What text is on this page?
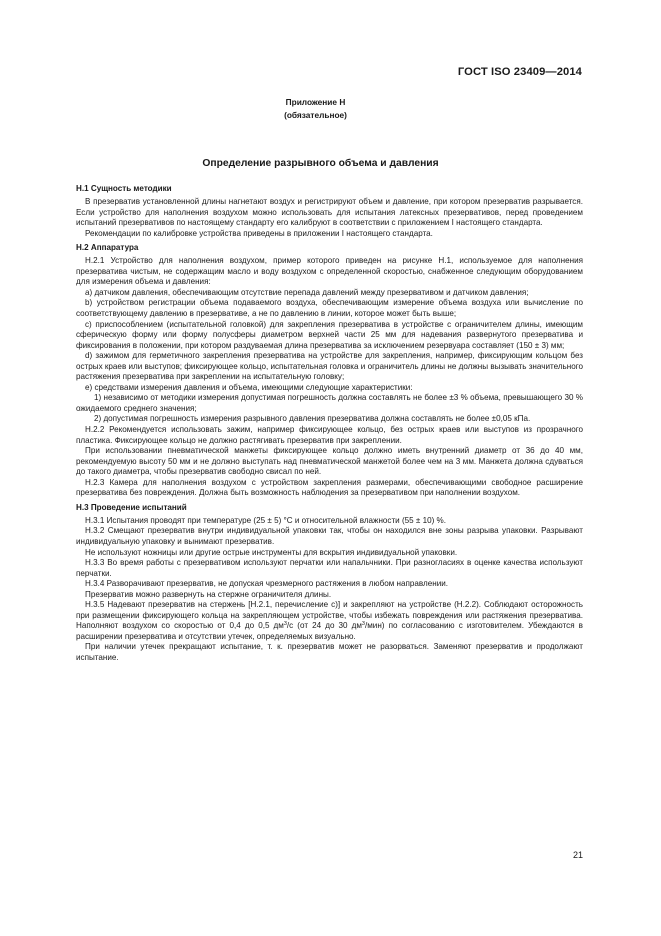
ГОСТ ISO 23409—2014
Приложение Н
(обязательное)
Определение разрывного объема и давления
Н.1 Сущность методики

В презерватив установленной длины нагнетают воздух и регистрируют объем и давление, при котором презерватив разрывается. Если устройство для наполнения воздухом можно использовать для испытания латексных презервативов, перед проведением испытаний презервативов по настоящему стандарту его калибруют в соответствии с приложением I настоящего стандарта.

Рекомендации по калибровке устройства приведены в приложении I настоящего стандарта.

Н.2 Аппаратура

Н.2.1 Устройство для наполнения воздухом, пример которого приведен на рисунке Н.1, используемое для наполнения презерватива чистым, не содержащим масло и воду воздухом с определенной скоростью, снабженное следующим оборудованием для измерения объема и давления:

а) датчиком давления, обеспечивающим отсутствие перепада давлений между презервативом и датчиком давления;

b) устройством регистрации объема подаваемого воздуха, обеспечивающим измерение объема воздуха или вычисление по соответствующему давлению в презервативе, а не по давлению в линии, которое может быть выше;

с) приспособлением (испытательной головкой) для закрепления презерватива в устройстве с ограничителем длины, имеющим сферическую форму или форму полусферы диаметром верхней части 25 мм для надевания развернутого презерватива и фиксирования в положении, при котором раздуваемая длина презерватива за исключением резервуара составляет (150 ± 3) мм;

d) зажимом для герметичного закрепления презерватива на устройстве для закрепления, например, фиксирующим кольцом без острых краев или выступов; фиксирующее кольцо, испытательная головка и ограничитель длины не должны вызывать значительного растяжения презерватива при закреплении на испытательную головку;

е) средствами измерения давления и объема, имеющими следующие характеристики:

1) независимо от методики измерения допустимая погрешность должна составлять не более ±3 % объема, превышающего 30 % ожидаемого среднего значения;

2) допустимая погрешность измерения разрывного давления презерватива должна составлять не более ±0,05 кПа.

Н.2.2 Рекомендуется использовать зажим, например фиксирующее кольцо, без острых краев или выступов из прозрачного пластика. Фиксирующее кольцо не должно растягивать презерватив при закреплении.

При использовании пневматической манжеты фиксирующее кольцо должно иметь внутренний диаметр от 36 до 40 мм, рекомендуемую высоту 50 мм и не должно выступать над пневматической манжетой более чем на 3 мм. Манжета должна сдуваться до такого диаметра, чтобы презерватив свободно свисал по ней.

Н.2.3 Камера для наполнения воздухом с устройством закрепления размерами, обеспечивающими свободное расширение презерватива без повреждения. Должна быть возможность наблюдения за презервативом при наполнении воздухом.

Н.3 Проведение испытаний

Н.3.1 Испытания проводят при температуре (25 ± 5) °С и относительной влажности (55 ± 10) %.

Н.3.2 Смещают презерватив внутри индивидуальной упаковки так, чтобы он находился вне зоны разрыва упаковки. Разрывают индивидуальную упаковку и вынимают презерватив.

Не используют ножницы или другие острые инструменты для вскрытия индивидуальной упаковки.

Н.3.3 Во время работы с презервативом используют перчатки или напальчники. При разногласиях в оценке качества используют перчатки.

Н.3.4 Разворачивают презерватив, не допуская чрезмерного растяжения в любом направлении.

Презерватив можно развернуть на стержне ограничителя длины.

Н.3.5 Надевают презерватив на стержень [Н.2.1, перечисление с)] и закрепляют на устройстве (Н.2.2). Соблюдают осторожность при размещении фиксирующего кольца на закрепляющем устройстве, чтобы избежать повреждения или растяжения презерватива. Наполняют воздухом со скоростью от 0,4 до 0,5 $дм^3/с$ (от 24 до 30 $дм^3/мин$) по согласованию с изготовителем. Убеждаются в расширении презерватива и отсутствии утечек, определяемых визуально.

При наличии утечек прекращают испытание, т. к. презерватив может не разорваться. Заменяют презерватив и продолжают испытание.

21
